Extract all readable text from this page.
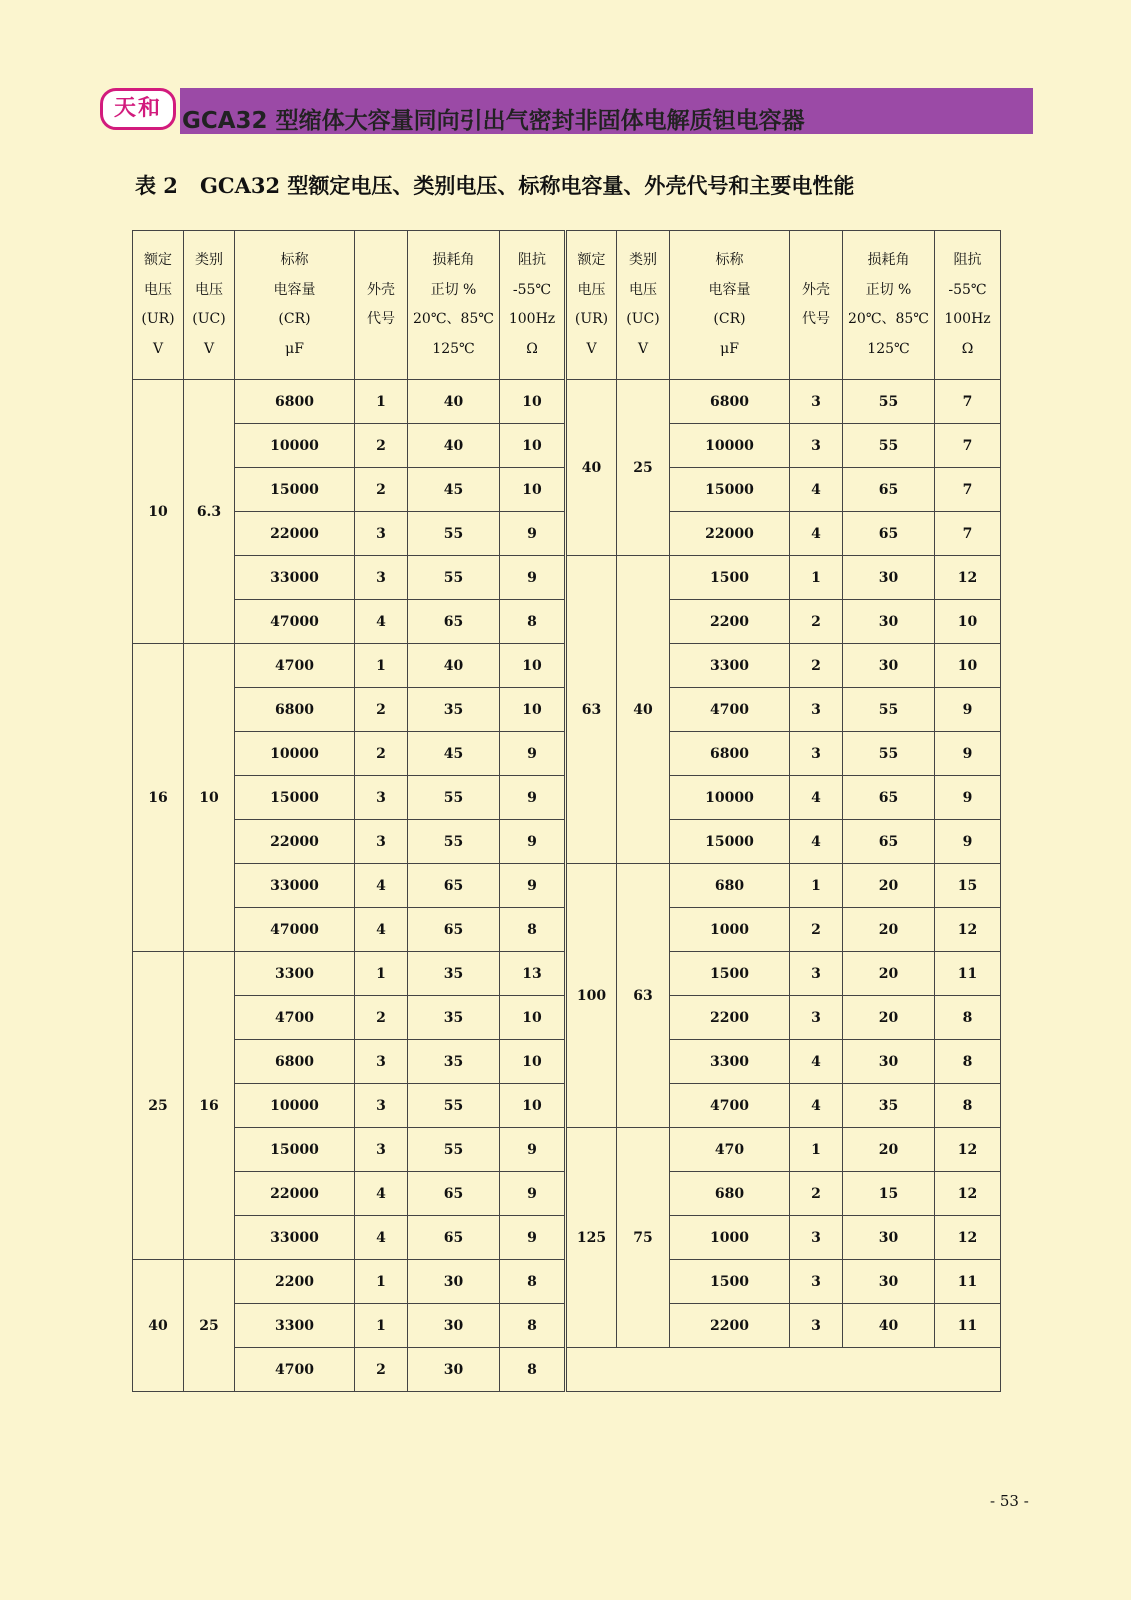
天和 GCA32 型缩体大容量同向引出气密封非固体电解质钽电容器
表 2 GCA32 型额定电压、类别电压、标称电容量、外壳代号和主要电性能
额定
电压
(UR)
V	类别
电压
(UC)
V	标称
电容量
(CR)
μF	外壳
代号	损耗角
正切 %
20℃、85℃
125℃	阻抗
-55℃
100Hz
Ω	额定
电压
(UR)
V	类别
电压
(UC)
V	标称
电容量
(CR)
μF	外壳
代号	损耗角
正切 %
20℃、85℃
125℃	阻抗
-55℃
100Hz
Ω
10	6.3	6800	1	40	10	40	25	6800	3	55	7
		10000	2	40	10			10000	3	55	7
		15000	2	45	10			15000	4	65	7
		22000	3	55	9			22000	4	65	7
		33000	3	55	9	63	40	1500	1	30	12
		47000	4	65	8			2200	2	30	10
16	10	4700	1	40	10			3300	2	30	10
		6800	2	35	10			4700	3	55	9
		10000	2	45	9			6800	3	55	9
		15000	3	55	9			10000	4	65	9
		22000	3	55	9			15000	4	65	9
		33000	4	65	9	100	63	680	1	20	15
		47000	4	65	8			1000	2	20	12
25	16	3300	1	35	13			1500	3	20	11
		4700	2	35	10			2200	3	20	8
		6800	3	35	10			3300	4	30	8
		10000	3	55	10			4700	4	35	8
		15000	3	55	9	125	75	470	1	20	12
		22000	4	65	9			680	2	15	12
		33000	4	65	9			1000	3	30	12
40	25	2200	1	30	8			1500	3	30	11
		3300	1	30	8			2200	3	40	11
		4700	2	30	8						
- 53 -
